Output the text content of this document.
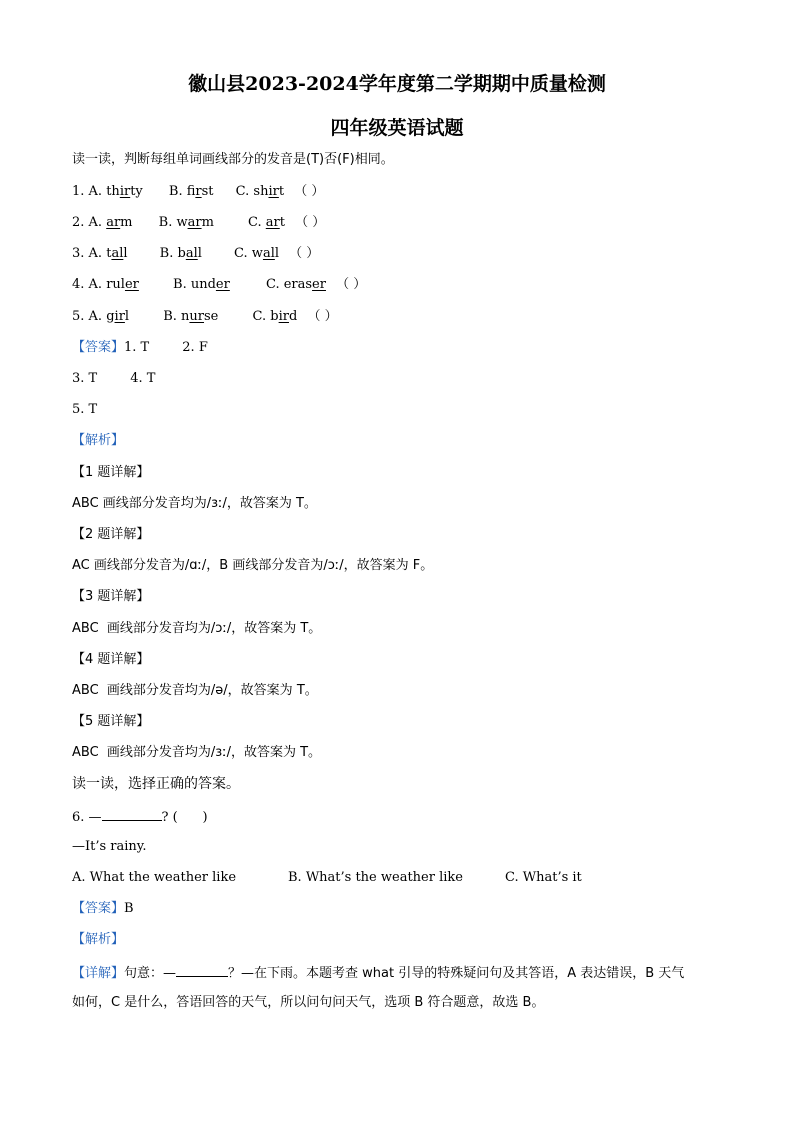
徽山县2023-2024学年度第二学期期中质量检测
四年级英语试题
读一读，判断每组单词画线部分的发音是(T)否(F)相同。
1. A. thirty B. first C. shirt （ ）
2. A. arm B. warm	C. art （ ）
3. A. tall B. ball C. wall （ ）
4. A. ruler	B. under	C. eraser （ ）
5. A. girl	B. nurse	C. bird （ ）
【答案】1. T        2. F
3. T        4. T
5. T
【解析】
【1 题详解】
ABC 画线部分发音均为/ɜː/，故答案为 T。
【2 题详解】
AC 画线部分发音为/ɑː/，B 画线部分发音为/ɔː/，故答案为 F。
【3 题详解】
ABC  画线部分发音均为/ɔː/，故答案为 T。
【4 题详解】
ABC  画线部分发音均为/ə/，故答案为 T。
【5 题详解】
ABC  画线部分发音均为/ɜː/，故答案为 T。
读一读，选择正确的答案。
6. —	? (      )
—It’s rainy.
A. What the weather like	B. What’s the weather like	C. What’s it
【答案】B
【解析】
【详解】句意：—	？—在下雨。本题考查 what 引导的特殊疑问句及其答语，A 表达错误，B 天气
如何，C 是什么，答语回答的天气，所以问句问天气，选项 B 符合题意，故选 B。
